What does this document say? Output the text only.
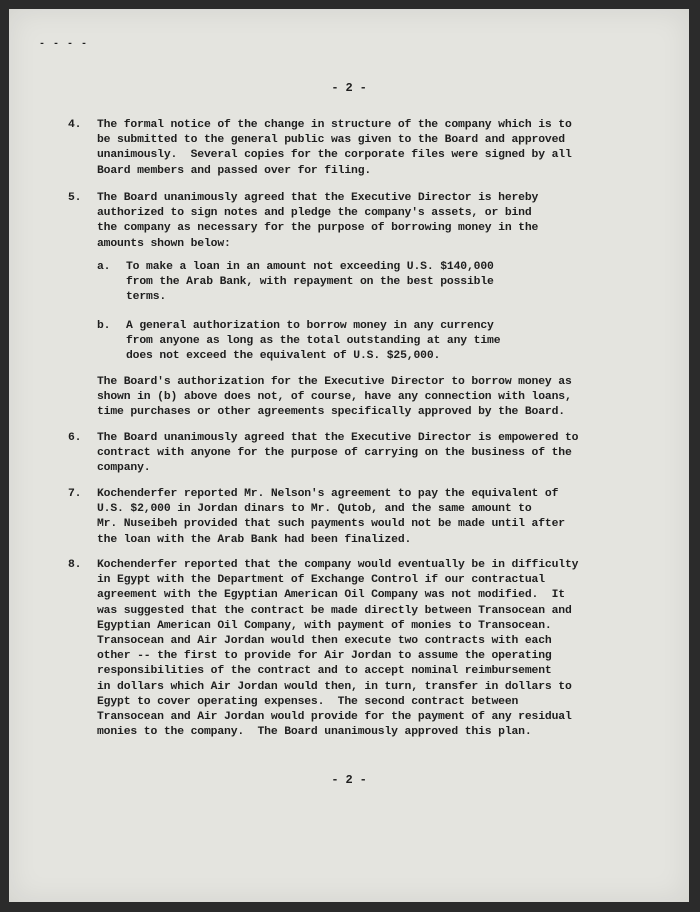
- - - -
- 2 -
4.	The formal notice of the change in structure of the company which is to
be submitted to the general public was given to the Board and approved
unanimously.  Several copies for the corporate files were signed by all
Board members and passed over for filing.
5.	The Board unanimously agreed that the Executive Director is hereby
authorized to sign notes and pledge the company's assets, or bind
the company as necessary for the purpose of borrowing money in the
amounts shown below:
a.	To make a loan in an amount not exceeding U.S. $140,000
from the Arab Bank, with repayment on the best possible
terms.
b.	A general authorization to borrow money in any currency
from anyone as long as the total outstanding at any time
does not exceed the equivalent of U.S. $25,000.
The Board's authorization for the Executive Director to borrow money as
shown in (b) above does not, of course, have any connection with loans,
time purchases or other agreements specifically approved by the Board.
6.	The Board unanimously agreed that the Executive Director is empowered to
contract with anyone for the purpose of carrying on the business of the
company.
7.	Kochenderfer reported Mr. Nelson's agreement to pay the equivalent of
U.S. $2,000 in Jordan dinars to Mr. Qutob, and the same amount to
Mr. Nuseibeh provided that such payments would not be made until after
the loan with the Arab Bank had been finalized.
8.	Kochenderfer reported that the company would eventually be in difficulty
in Egypt with the Department of Exchange Control if our contractual
agreement with the Egyptian American Oil Company was not modified.  It
was suggested that the contract be made directly between Transocean and
Egyptian American Oil Company, with payment of monies to Transocean.
Transocean and Air Jordan would then execute two contracts with each
other -- the first to provide for Air Jordan to assume the operating
responsibilities of the contract and to accept nominal reimbursement
in dollars which Air Jordan would then, in turn, transfer in dollars to
Egypt to cover operating expenses.  The second contract between
Transocean and Air Jordan would provide for the payment of any residual
monies to the company.  The Board unanimously approved this plan.
- 2 -
